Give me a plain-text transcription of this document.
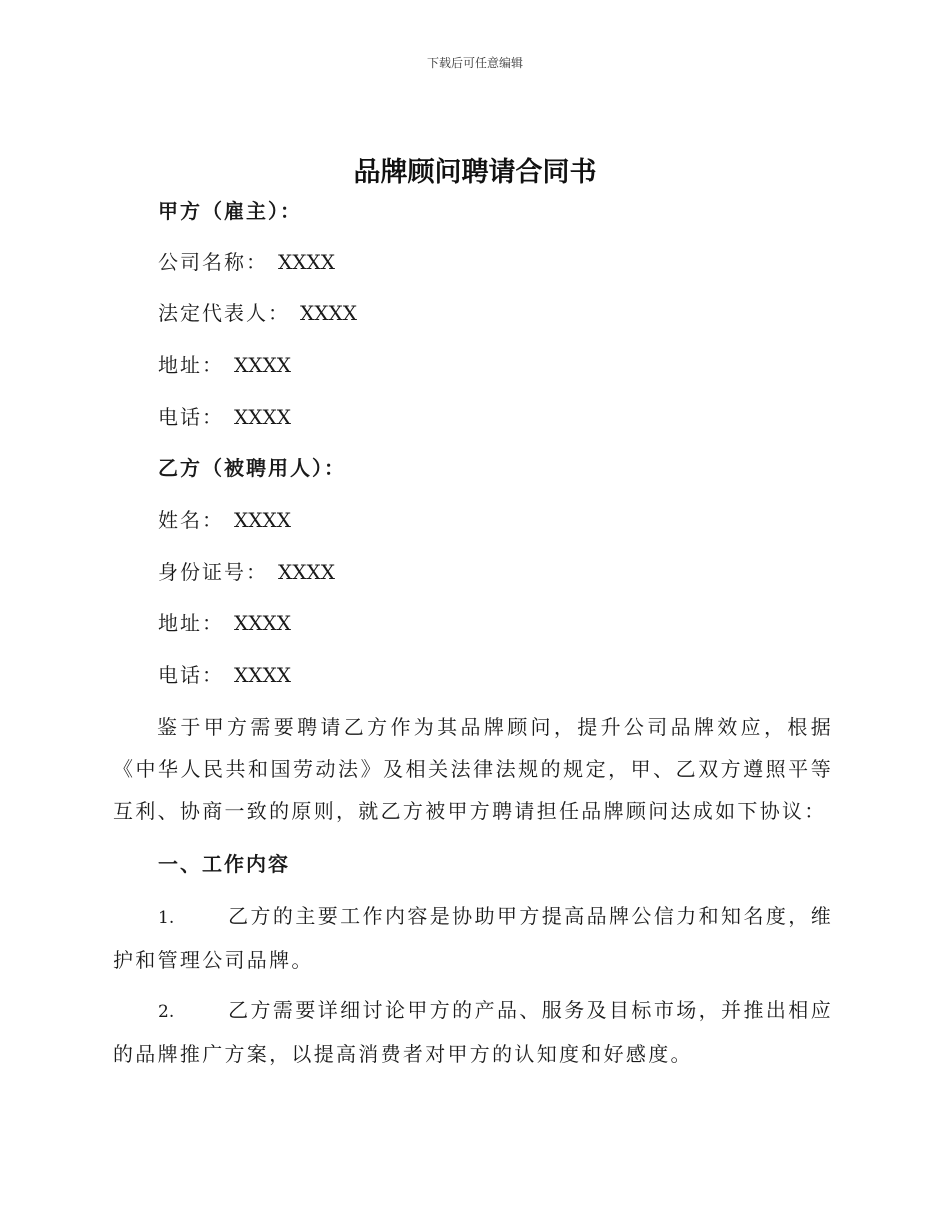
下载后可任意编辑
品牌顾问聘请合同书
甲方（雇主）：
公司名称： XXXX
法定代表人： XXXX
地址： XXXX
电话： XXXX
乙方（被聘用人）：
姓名： XXXX
身份证号： XXXX
地址： XXXX
电话： XXXX
鉴于甲方需要聘请乙方作为其品牌顾问，提升公司品牌效应，根据《中华人民共和国劳动法》及相关法律法规的规定，甲、乙双方遵照平等互利、协商一致的原则，就乙方被甲方聘请担任品牌顾问达成如下协议：
一、工作内容
1.	乙方的主要工作内容是协助甲方提高品牌公信力和知名度，维护和管理公司品牌。
2.	乙方需要详细讨论甲方的产品、服务及目标市场，并推出相应的品牌推广方案，以提高消费者对甲方的认知度和好感度。
